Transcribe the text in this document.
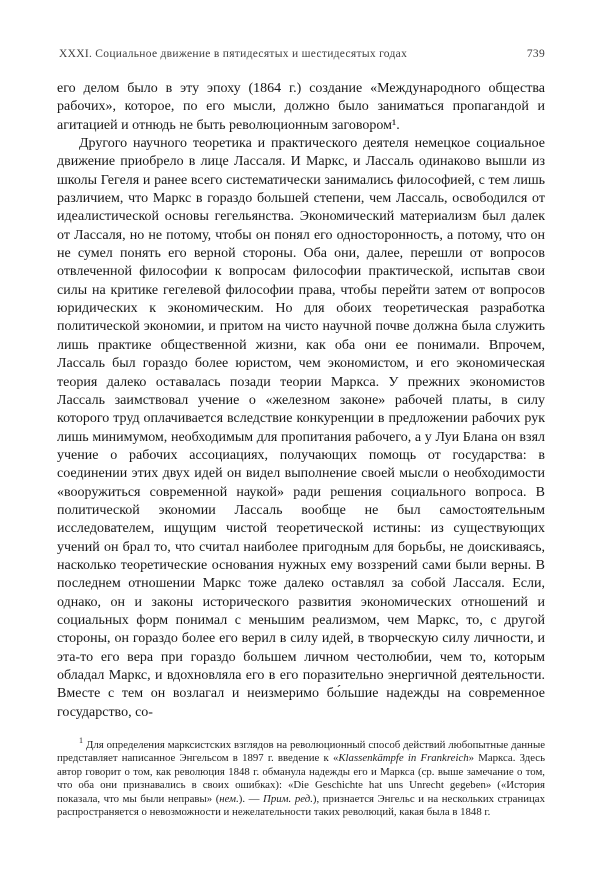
XXXI. Социальное движение в пятидесятых и шестидесятых годах	739

его делом было в эту эпоху (1864 г.) создание «Международного общества рабочих», которое, по его мысли, должно было заниматься пропагандой и агитацией и отнюдь не быть революционным заговором¹.

Другого научного теоретика и практического деятеля немецкое социальное движение приобрело в лице Лассаля. И Маркс, и Лассаль одинаково вышли из школы Гегеля и ранее всего систематически занимались философией, с тем лишь различием, что Маркс в гораздо большей степени, чем Лассаль, освободился от идеалистической основы гегельянства. Экономический материализм был далек от Лассаля, но не потому, чтобы он понял его односторонность, а потому, что он не сумел понять его верной стороны. Оба они, далее, перешли от вопросов отвлеченной философии к вопросам философии практической, испытав свои силы на критике гегелевой философии права, чтобы перейти затем от вопросов юридических к экономическим. Но для обоих теоретическая разработка политической экономии, и притом на чисто научной почве должна была служить лишь практике общественной жизни, как оба они ее понимали. Впрочем, Лассаль был гораздо более юристом, чем экономистом, и его экономическая теория далеко оставалась позади теории Маркса. У прежних экономистов Лассаль заимствовал учение о «железном законе» рабочей платы, в силу которого труд оплачивается вследствие конкуренции в предложении рабочих рук лишь минимумом, необходимым для пропитания рабочего, а у Луи Блана он взял учение о рабочих ассоциациях, получающих помощь от государства: в соединении этих двух идей он видел выполнение своей мысли о необходимости «вооружиться современной наукой» ради решения социального вопроса. В политической экономии Лассаль вообще не был самостоятельным исследователем, ищущим чистой теоретической истины: из существующих учений он брал то, что считал наиболее пригодным для борьбы, не доискиваясь, насколько теоретические основания нужных ему воззрений сами были верны. В последнем отношении Маркс тоже далеко оставлял за собой Лассаля. Если, однако, он и законы исторического развития экономических отношений и социальных форм понимал с меньшим реализмом, чем Маркс, то, с другой стороны, он гораздо более его верил в силу идей, в творческую силу личности, и эта-то его вера при гораздо большем личном честолюбии, чем то, которым обладал Маркс, и вдохновляла его в его поразительно энергичной деятельности. Вместе с тем он возлагал и неизмеримо бо́льшие надежды на современное государство, со-

$^1$ Для определения марксистских взглядов на революционный способ действий любопытные данные представляет написанное Энгельсом в 1897 г. введение к «Klassenkämpfe in Frankreich» Маркса. Здесь автор говорит о том, как революция 1848 г. обманула надежды его и Маркса (ср. выше замечание о том, что оба они признавались в своих ошибках): «Die Geschichte hat uns Unrecht gegeben» («История показала, что мы были неправы» (нем.). — Прим. ред.), признается Энгельс и на нескольких страницах распространяется о невозможности и нежелательности таких революций, какая была в 1848 г.
